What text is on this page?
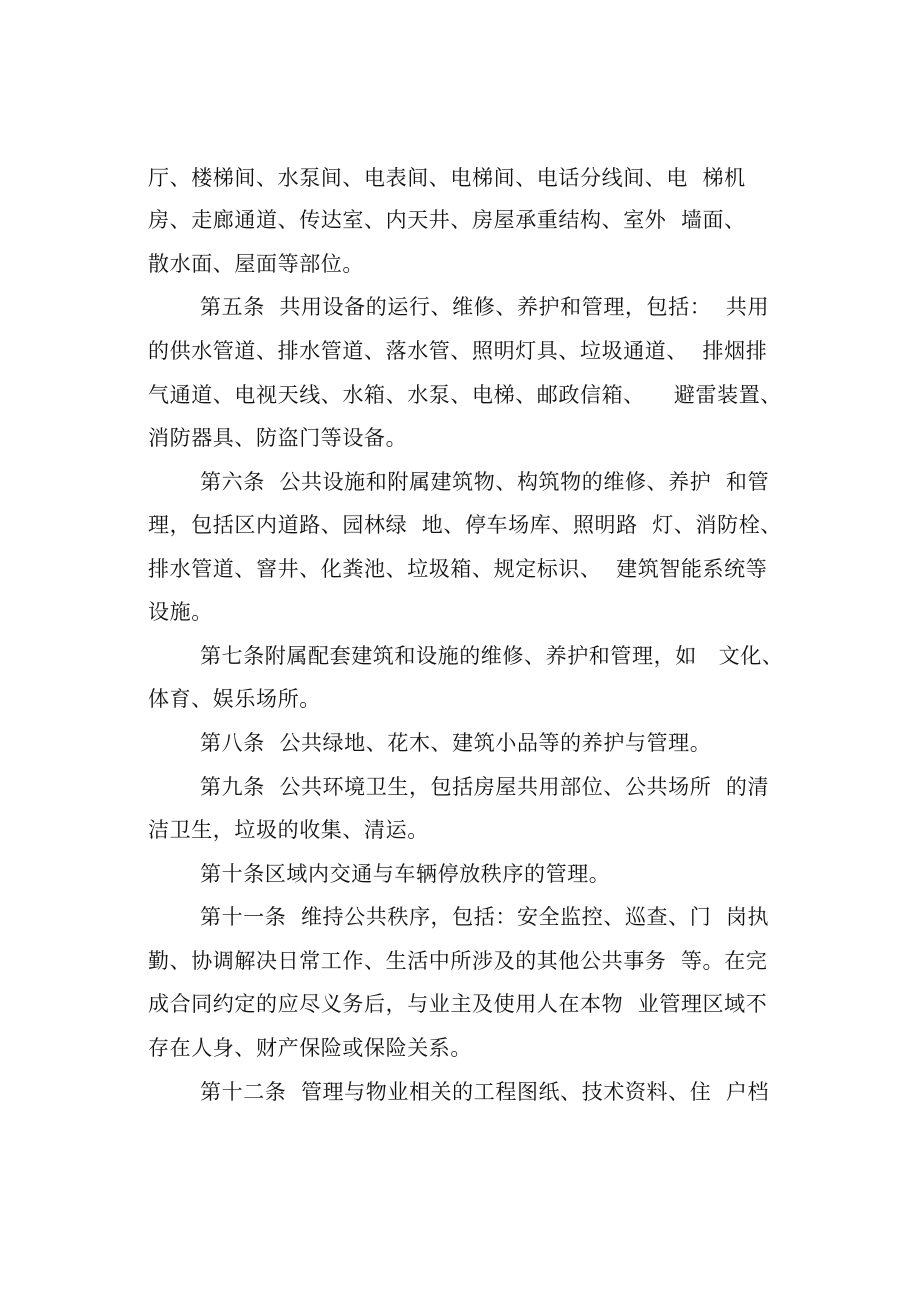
厅、楼梯间、水泵间、电表间、电梯间、电话分线间、电  梯机
房、走廊通道、传达室、内天井、房屋承重结构、室外  墙面、
散水面、屋面等部位。
第五条  共用设备的运行、维修、养护和管理，包括：  共用
的供水管道、排水管道、落水管、照明灯具、垃圾通道、  排烟排
气通道、电视天线、水箱、水泵、电梯、邮政信箱、    避雷装置、
消防器具、防盗门等设备。
第六条  公共设施和附属建筑物、构筑物的维修、养护  和管
理，包括区内道路、园林绿  地、停车场库、照明路  灯、消防栓、
排水管道、窨井、化粪池、垃圾箱、规定标识、  建筑智能系统等
设施。
第七条附属配套建筑和设施的维修、养护和管理，如   文化、
体育、娱乐场所。
第八条  公共绿地、花木、建筑小品等的养护与管理。
第九条  公共环境卫生，包括房屋共用部位、公共场所  的清
洁卫生，垃圾的收集、清运。
第十条区域内交通与车辆停放秩序的管理。
第十一条  维持公共秩序，包括：安全监控、巡查、门  岗执
勤、协调解决日常工作、生活中所涉及的其他公共事务  等。在完
成合同约定的应尽义务后，与业主及使用人在本物  业管理区域不
存在人身、财产保险或保险关系。
第十二条  管理与物业相关的工程图纸、技术资料、住  户档
